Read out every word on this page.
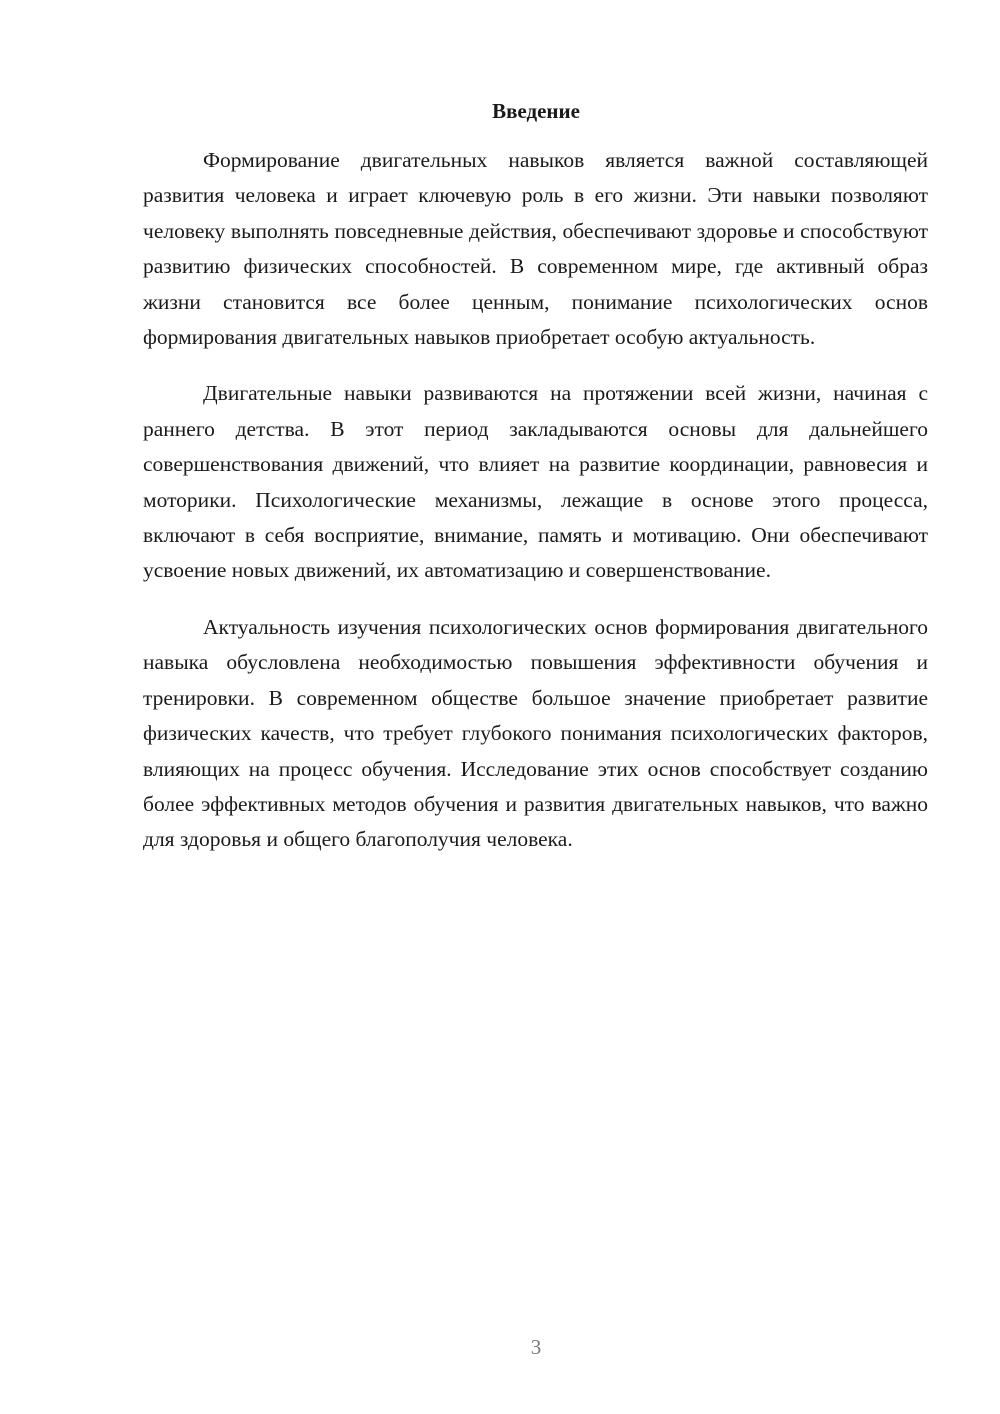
Введение

Формирование двигательных навыков является важной составляющей развития человека и играет ключевую роль в его жизни. Эти навыки позволяют человеку выполнять повседневные действия, обеспечивают здоровье и способствуют развитию физических способностей. В современном мире, где активный образ жизни становится все более ценным, понимание психологических основ формирования двигательных навыков приобретает особую актуальность.

Двигательные навыки развиваются на протяжении всей жизни, начиная с раннего детства. В этот период закладываются основы для дальнейшего совершенствования движений, что влияет на развитие координации, равновесия и моторики. Психологические механизмы, лежащие в основе этого процесса, включают в себя восприятие, внимание, память и мотивацию. Они обеспечивают усвоение новых движений, их автоматизацию и совершенствование.

Актуальность изучения психологических основ формирования двигательного навыка обусловлена необходимостью повышения эффективности обучения и тренировки. В современном обществе большое значение приобретает развитие физических качеств, что требует глубокого понимания психологических факторов, влияющих на процесс обучения. Исследование этих основ способствует созданию более эффективных методов обучения и развития двигательных навыков, что важно для здоровья и общего благополучия человека.

3
